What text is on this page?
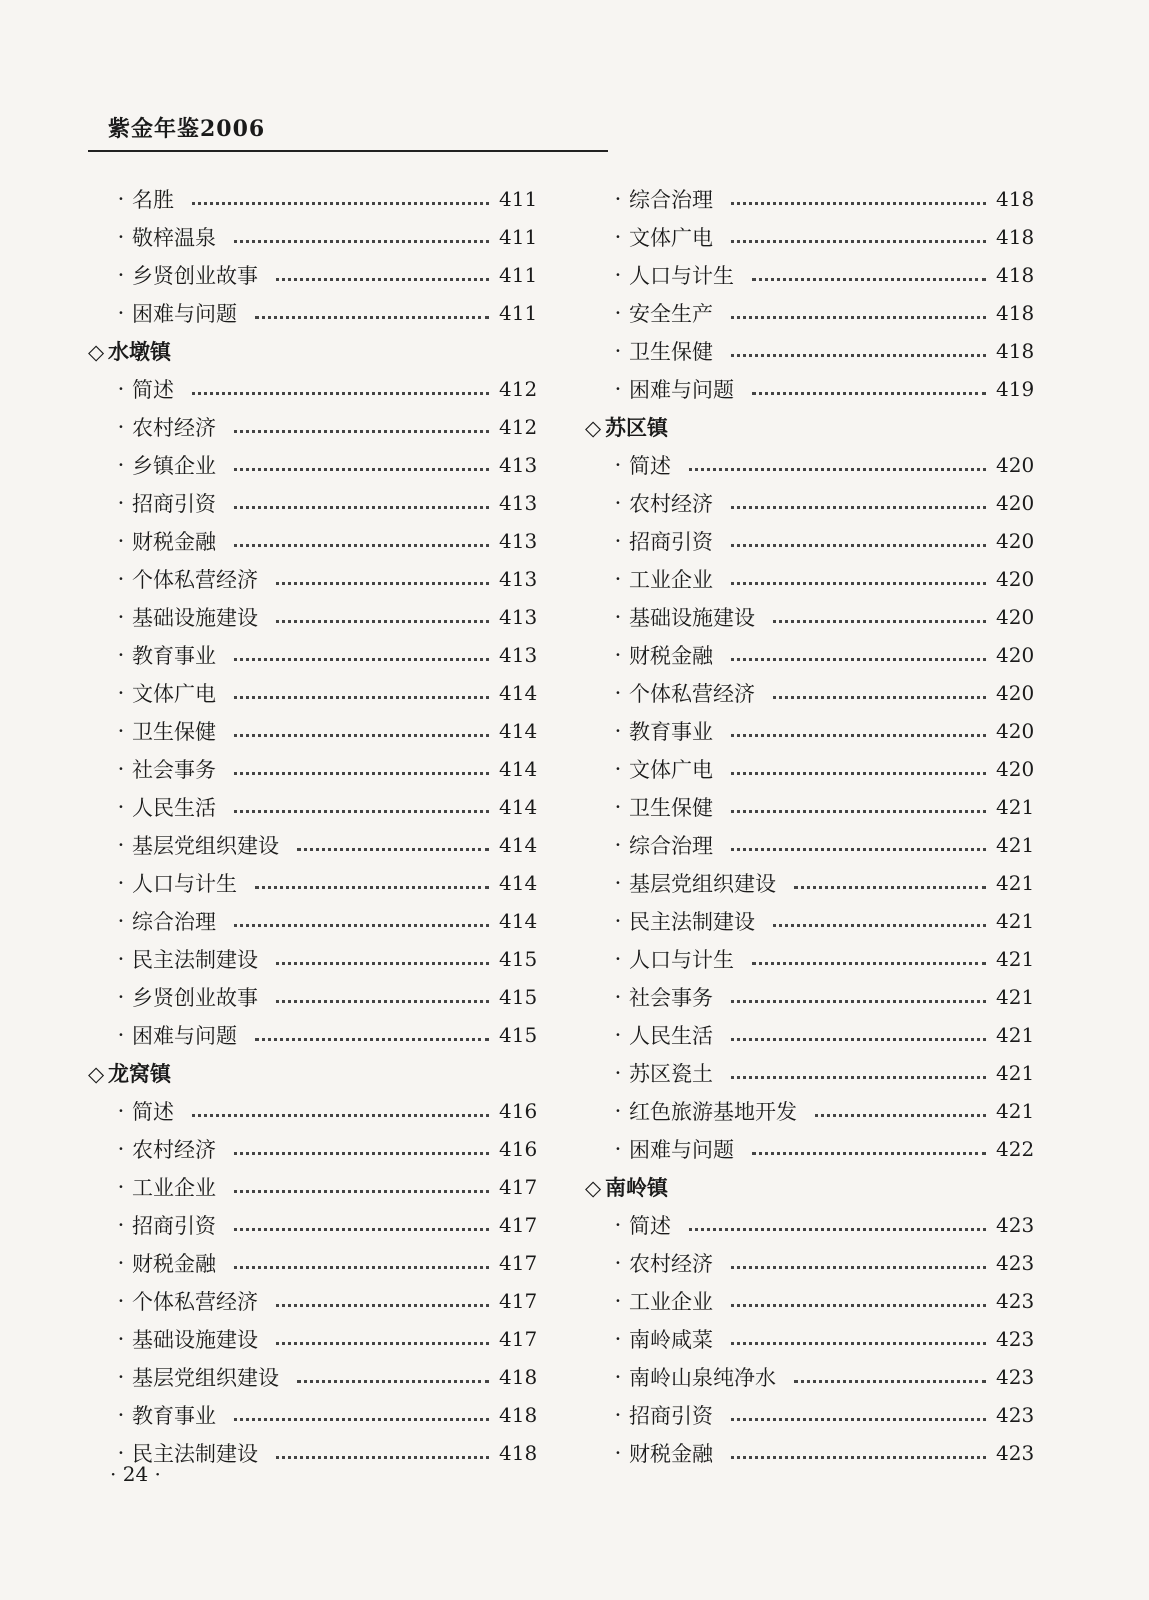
紫金年鉴2006
· 名胜	411
· 敬梓温泉	411
· 乡贤创业故事	411
· 困难与问题	411
◇ 水墩镇
· 简述	412
· 农村经济	412
· 乡镇企业	413
· 招商引资	413
· 财税金融	413
· 个体私营经济	413
· 基础设施建设	413
· 教育事业	413
· 文体广电	414
· 卫生保健	414
· 社会事务	414
· 人民生活	414
· 基层党组织建设	414
· 人口与计生	414
· 综合治理	414
· 民主法制建设	415
· 乡贤创业故事	415
· 困难与问题	415
◇ 龙窝镇
· 简述	416
· 农村经济	416
· 工业企业	417
· 招商引资	417
· 财税金融	417
· 个体私营经济	417
· 基础设施建设	417
· 基层党组织建设	418
· 教育事业	418
· 民主法制建设	418
· 综合治理	418
· 文体广电	418
· 人口与计生	418
· 安全生产	418
· 卫生保健	418
· 困难与问题	419
◇ 苏区镇
· 简述	420
· 农村经济	420
· 招商引资	420
· 工业企业	420
· 基础设施建设	420
· 财税金融	420
· 个体私营经济	420
· 教育事业	420
· 文体广电	420
· 卫生保健	421
· 综合治理	421
· 基层党组织建设	421
· 民主法制建设	421
· 人口与计生	421
· 社会事务	421
· 人民生活	421
· 苏区瓷土	421
· 红色旅游基地开发	421
· 困难与问题	422
◇ 南岭镇
· 简述	423
· 农村经济	423
· 工业企业	423
· 南岭咸菜	423
· 南岭山泉纯净水	423
· 招商引资	423
· 财税金融	423
· 24 ·
